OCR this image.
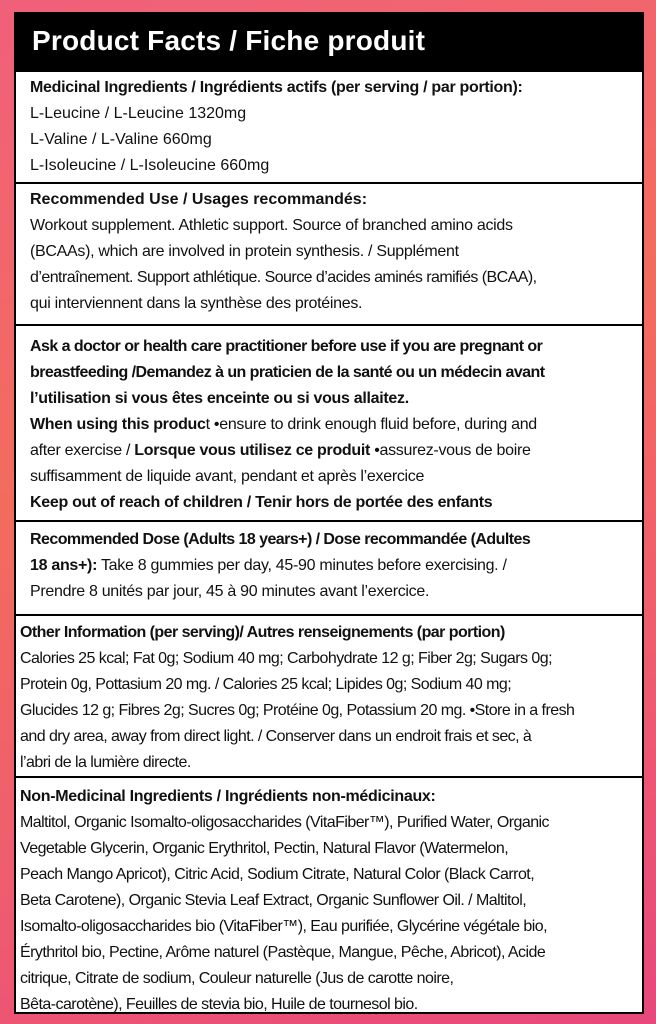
Product Facts / Fiche produit
Medicinal Ingredients / Ingrédients actifs (per serving / par portion):
L-Leucine / L-Leucine 1320mg
L-Valine / L-Valine 660mg
L-Isoleucine / L-Isoleucine 660mg
Recommended Use / Usages recommandés:
Workout supplement. Athletic support. Source of branched amino acids
(BCAAs), which are involved in protein synthesis. / Supplément
d’entraînement. Support athlétique. Source d’acides aminés ramifiés (BCAA),
qui interviennent dans la synthèse des protéines.
Ask a doctor or health care practitioner before use if you are pregnant or
breastfeeding /Demandez à un praticien de la santé ou un médecin avant
l’utilisation si vous êtes enceinte ou si vous allaitez.
When using this product •ensure to drink enough fluid before, during and
after exercise / Lorsque vous utilisez ce produit •assurez-vous de boire
suffisamment de liquide avant, pendant et après l’exercice
Keep out of reach of children / Tenir hors de portée des enfants
Recommended Dose (Adults 18 years+) / Dose recommandée (Adultes
18 ans+): Take 8 gummies per day, 45-90 minutes before exercising. /
Prendre 8 unités par jour, 45 à 90 minutes avant l’exercice.
Other Information (per serving)/ Autres renseignements (par portion)
Calories 25 kcal; Fat 0g; Sodium 40 mg; Carbohydrate 12 g; Fiber 2g; Sugars 0g;
Protein 0g, Pottasium 20 mg. / Calories 25 kcal; Lipides 0g; Sodium 40 mg;
Glucides 12 g; Fibres 2g; Sucres 0g; Protéine 0g, Potassium 20 mg. •Store in a fresh
and dry area, away from direct light. / Conserver dans un endroit frais et sec, à
l’abri de la lumière directe.
Non-Medicinal Ingredients / Ingrédients non-médicinaux:
Maltitol, Organic Isomalto-oligosaccharides (VitaFiber™), Purified Water, Organic
Vegetable Glycerin, Organic Erythritol, Pectin, Natural Flavor (Watermelon,
Peach Mango Apricot), Citric Acid, Sodium Citrate, Natural Color (Black Carrot,
Beta Carotene), Organic Stevia Leaf Extract, Organic Sunflower Oil. / Maltitol,
Isomalto-oligosaccharides bio (VitaFiber™), Eau purifiée, Glycérine végétale bio,
Érythritol bio, Pectine, Arôme naturel (Pastèque, Mangue, Pêche, Abricot), Acide
citrique, Citrate de sodium, Couleur naturelle (Jus de carotte noire,
Bêta-carotène), Feuilles de stevia bio, Huile de tournesol bio.
